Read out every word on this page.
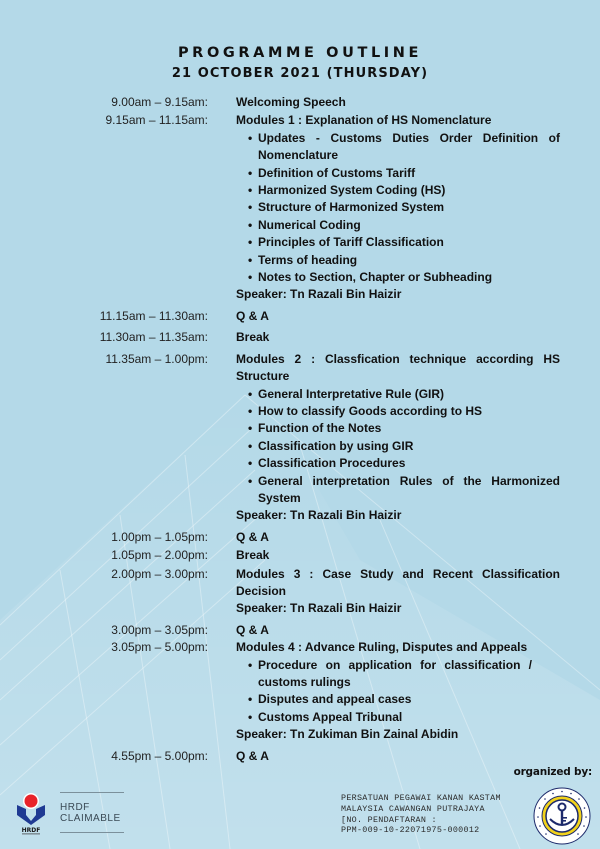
PROGRAMME OUTLINE
21 OCTOBER 2021 (THURSDAY)
9.00am – 9.15am:	Welcoming Speech
9.15am – 11.15am:	Modules 1 : Explanation of HS Nomenclature
• Updates - Customs Duties Order Definition of Nomenclature
• Definition of Customs Tariff
• Harmonized System Coding (HS)
• Structure of Harmonized System
• Numerical Coding
• Principles of Tariff Classification
• Terms of heading
• Notes to Section, Chapter or Subheading
Speaker: Tn Razali Bin Haizir
11.15am – 11.30am:	Q & A
11.30am – 11.35am:	Break
11.35am – 1.00pm:	Modules 2 : Classfication technique according HS Structure
• General Interpretative Rule (GIR)
• How to classify Goods according to HS
• Function of the Notes
• Classification by using GIR
• Classification Procedures
• General interpretation Rules of the Harmonized System
Speaker: Tn Razali Bin Haizir
1.00pm – 1.05pm:	Q & A
1.05pm – 2.00pm:	Break
2.00pm – 3.00pm:	Modules 3 : Case Study and Recent Classification Decision
Speaker: Tn Razali Bin Haizir
3.00pm – 3.05pm:	Q & A
3.05pm – 5.00pm:	Modules 4 : Advance Ruling, Disputes and Appeals
• Procedure on application for classification / customs rulings
• Disputes and appeal cases
• Customs Appeal Tribunal
Speaker: Tn Zukiman Bin Zainal Abidin
4.55pm – 5.00pm:	Q & A
organized by:
HRDF
HRDF
CLAIMABLE
PERSATUAN PEGAWAI KANAN KASTAM
MALAYSIA CAWANGAN PUTRAJAYA
[NO. PENDAFTARAN :
PPM-009-10-22071975-000012
